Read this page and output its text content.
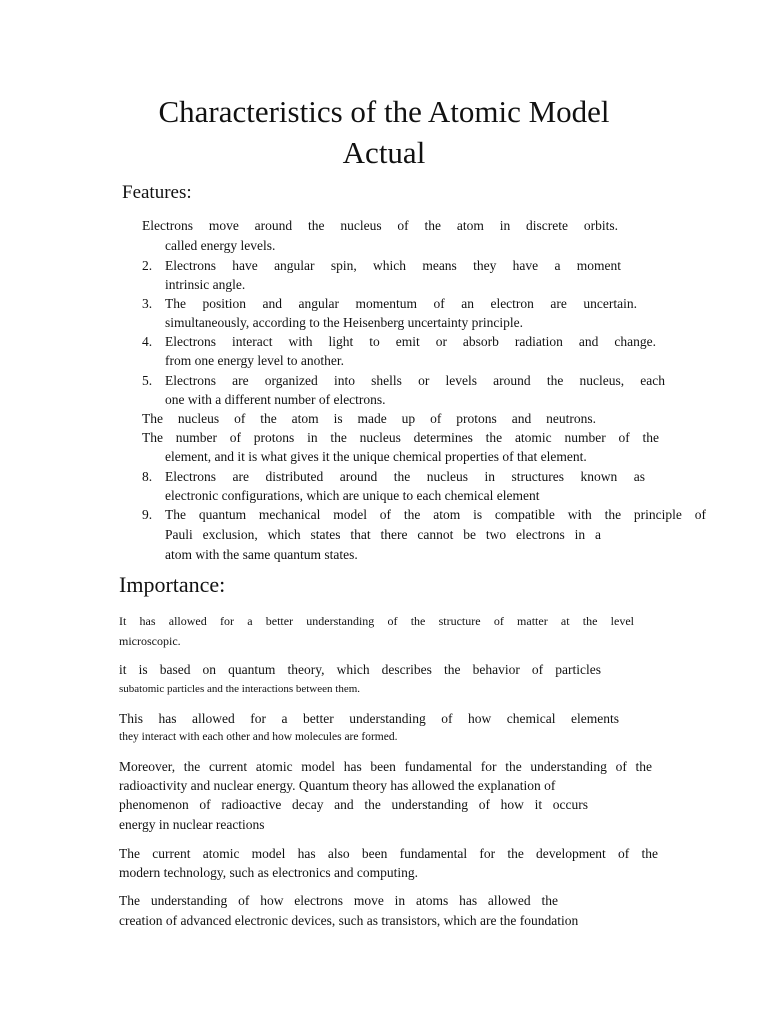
Characteristics of the Atomic Model
Actual
Features:
Electrons move around the nucleus of the atom in discrete orbits.
called energy levels.
2. Electrons have angular spin, which means they have a moment
intrinsic angle.
3. The position and angular momentum of an electron are uncertain.
simultaneously, according to the Heisenberg uncertainty principle.
4. Electrons interact with light to emit or absorb radiation and change.
from one energy level to another.
5. Electrons are organized into shells or levels around the nucleus, each
one with a different number of electrons.
The nucleus of the atom is made up of protons and neutrons.
The number of protons in the nucleus determines the atomic number of the
element, and it is what gives it the unique chemical properties of that element.
8. Electrons are distributed around the nucleus in structures known as
electronic configurations, which are unique to each chemical element
9. The quantum mechanical model of the atom is compatible with the principle of
Pauli exclusion, which states that there cannot be two electrons in a
atom with the same quantum states.
Importance:
It has allowed for a better understanding of the structure of matter at the level
microscopic.
it is based on quantum theory, which describes the behavior of particles
subatomic particles and the interactions between them.
This has allowed for a better understanding of how chemical elements
they interact with each other and how molecules are formed.
Moreover, the current atomic model has been fundamental for the understanding of the
radioactivity and nuclear energy. Quantum theory has allowed the explanation of
phenomenon of radioactive decay and the understanding of how it occurs
energy in nuclear reactions
The current atomic model has also been fundamental for the development of the
modern technology, such as electronics and computing.
The understanding of how electrons move in atoms has allowed the
creation of advanced electronic devices, such as transistors, which are the foundation
